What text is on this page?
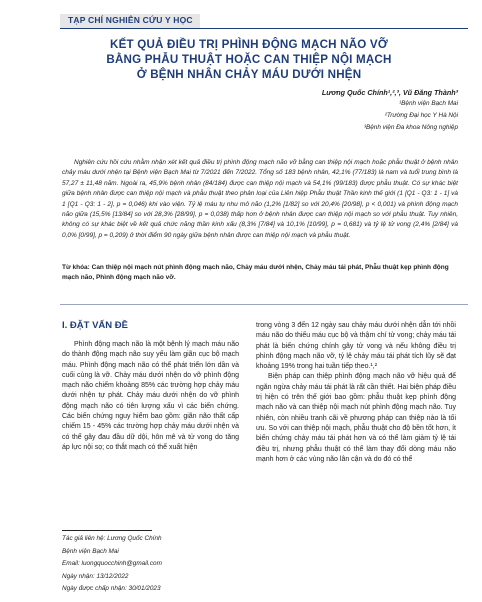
TẠP CHÍ NGHIÊN CỨU Y HỌC
KẾT QUẢ ĐIỀU TRỊ PHÌNH ĐỘNG MẠCH NÃO VỠ
BẰNG PHẪU THUẬT HOẶC CAN THIỆP NỘI MẠCH
Ở BỆNH NHÂN CHẢY MÁU DƯỚI NHỆN
Lương Quốc Chính¹,²,³, Vũ Đăng Thành³
¹Bệnh viện Bạch Mai
²Trường Đại học Y Hà Nội
³Bệnh viện Đa khoa Nông nghiệp
Nghiên cứu hồi cứu nhằm nhận xét kết quả điều trị phình động mạch não vỡ bằng can thiệp nội mạch hoặc phẫu thuật ở bệnh nhân chảy máu dưới nhện tại Bệnh viện Bạch Mai từ 7/2021 đến 7/2022. Tổng số 183 bệnh nhân, 42,1% (77/183) là nam và tuổi trung bình là 57,27 ± 11,48 năm. Ngoài ra, 45,9% bệnh nhân (84/184) được can thiệp nội mạch và 54,1% (99/183) được phẫu thuật. Có sự khác biệt giữa bệnh nhân được can thiệp nội mạch và phẫu thuật theo phân loại của Liên hiệp Phẫu thuật Thần kinh thế giới (1 [Q1 - Q3: 1 - 1] và 1 [Q1 - Q3: 1 - 2], p = 0,046) khi vào viện. Tỷ lệ máu tụ nhu mô não (1,2% [1/82] so với 20,4% [20/98], p < 0,001) và phình động mạch não giữa (15,5% [13/84] so với 28,3% [28/99], p = 0,038) thấp hơn ở bệnh nhân được can thiệp nội mạch so với phẫu thuật. Tuy nhiên, không có sự khác biệt về kết quả chức năng thần kinh xấu (8,3% [7/84] và 10,1% [10/99], p = 0,681) và tỷ lệ tử vong (2,4% [2/84] và 0,0% [0/99], p = 0,209) ở thời điểm 90 ngày giữa bệnh nhân được can thiệp nội mạch và phẫu thuật.
Từ khóa: Can thiệp nội mạch nút phình động mạch não, Chảy máu dưới nhện, Chảy máu tái phát, Phẫu thuật kẹp phình động mạch não, Phình động mạch não vỡ.
I. ĐẶT VẤN ĐỀ

Phình động mạch não là một bệnh lý mạch máu não do thành động mạch não suy yếu làm giãn cục bộ mạch máu. Phình động mạch não có thể phát triển lớn dần và cuối cùng là vỡ. Chảy máu dưới nhện do vỡ phình động mạch não chiếm khoảng 85% các trường hợp chảy máu dưới nhện tự phát. Chảy máu dưới nhện do vỡ phình động mạch não có tiên lượng xấu vì các biến chứng. Các biến chứng nguy hiểm bao gồm: giãn não thất cấp chiếm 15 - 45% các trường hợp chảy máu dưới nhện và có thể gây đau đầu dữ dội, hôn mê và tử vong do tăng áp lực nội sọ; co thắt mạch có thể xuất hiện

trong vòng 3 đến 12 ngày sau chảy máu dưới nhện dẫn tới nhồi máu não do thiếu máu cục bộ và thậm chí tử vong; chảy máu tái phát là biến chứng chính gây tử vong và nếu không điều trị phình động mạch não vỡ, tỷ lệ chảy máu tái phát tích lũy sẽ đạt khoảng 19% trong hai tuần tiếp theo.¹,²

Biện pháp can thiệp phình động mạch não vỡ hiệu quả để ngăn ngừa chảy máu tái phát là rất cần thiết. Hai biện pháp điều trị hiện có trên thế giới bao gồm: phẫu thuật kẹp phình động mạch não và can thiệp nội mạch nút phình động mạch não. Tuy nhiên, còn nhiều tranh cãi về phương pháp can thiệp nào là tối ưu. So với can thiệp nội mạch, phẫu thuật cho độ bền tốt hơn, ít biến chứng chảy máu tái phát hơn và có thể làm giảm tỷ lệ tái điều trị, nhưng phẫu thuật có thể làm thay đổi dòng máu não mạnh hơn ở các vùng não lân cận và do đó có thể

Tác giả liên hệ: Lương Quốc Chính
Bệnh viện Bạch Mai
Email: luongquocchinh@gmail.com
Ngày nhận: 13/12/2022
Ngày được chấp nhận: 30/01/2023
